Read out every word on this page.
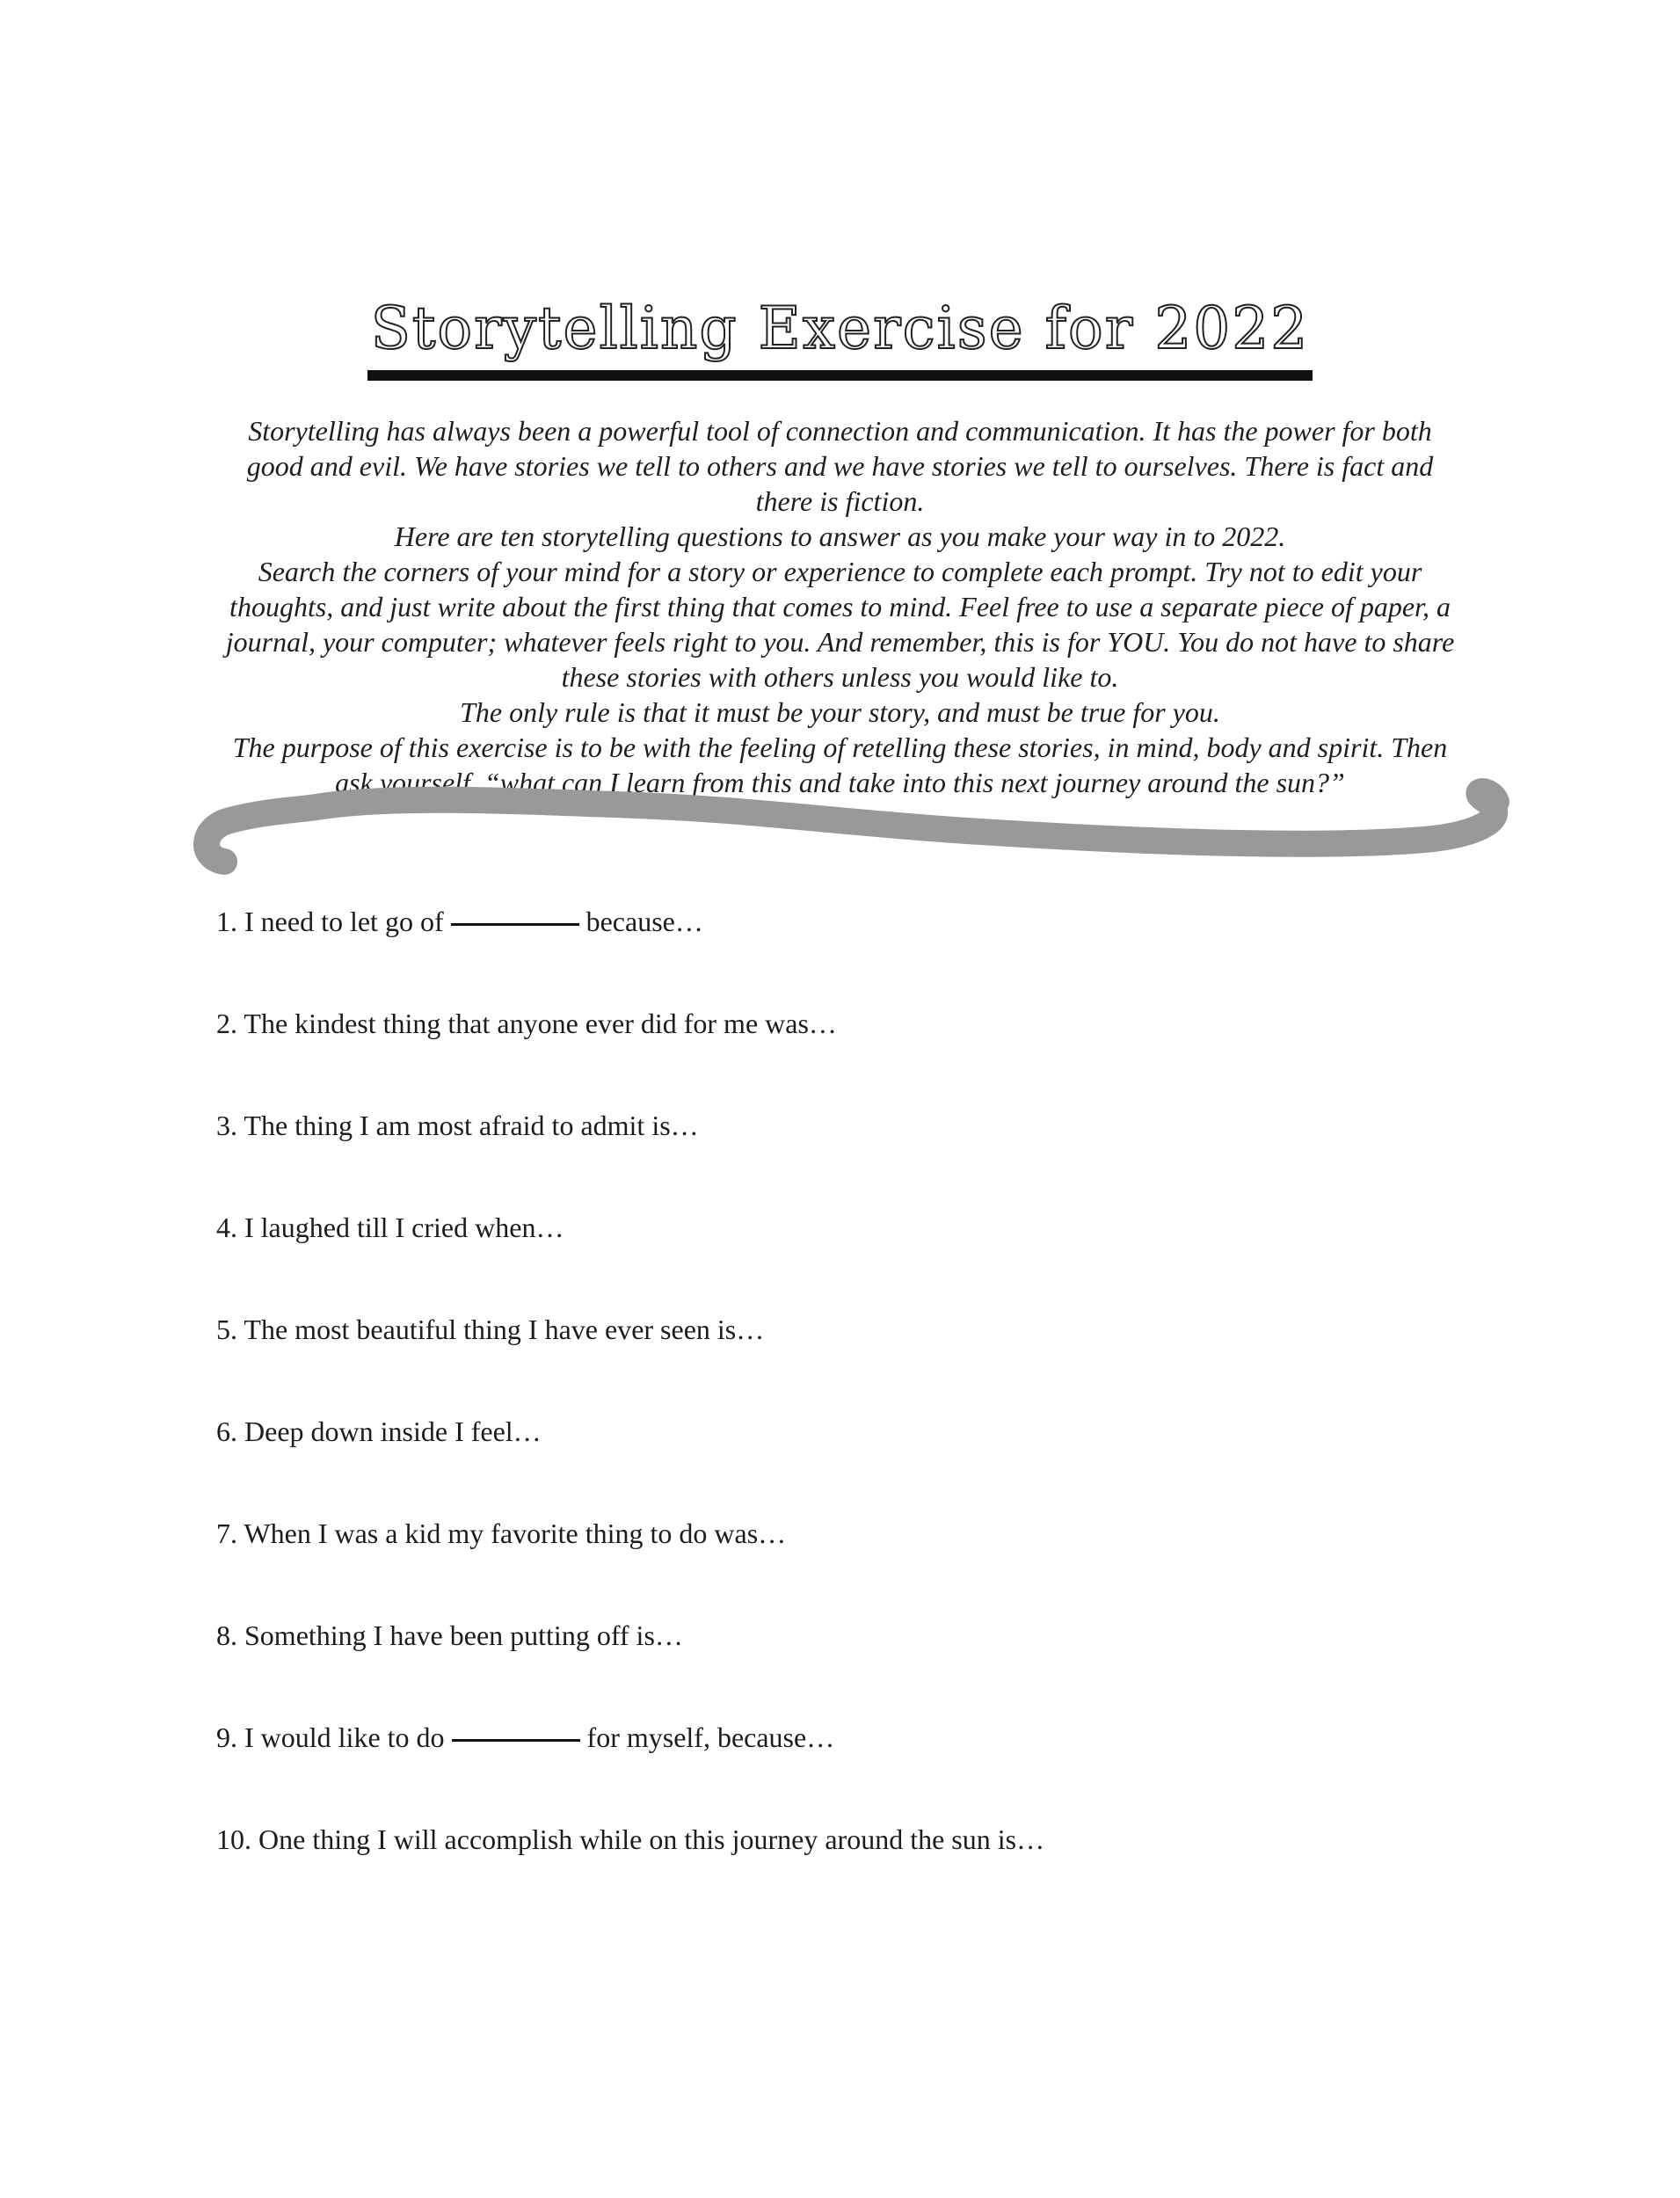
Storytelling Exercise for 2022

Storytelling has always been a powerful tool of connection and communication. It has the power for both good and evil. We have stories we tell to others and we have stories we tell to ourselves. There is fact and there is fiction.

Here are ten storytelling questions to answer as you make your way in to 2022.

Search the corners of your mind for a story or experience to complete each prompt. Try not to edit your thoughts, and just write about the first thing that comes to mind. Feel free to use a separate piece of paper, a journal, your computer; whatever feels right to you. And remember, this is for YOU. You do not have to share these stories with others unless you would like to.

The only rule is that it must be your story, and must be true for you.

The purpose of this exercise is to be with the feeling of retelling these stories, in mind, body and spirit. Then ask yourself, “what can I learn from this and take into this next journey around the sun?”

1. I need to let go of	because…
2. The kindest thing that anyone ever did for me was…
3. The thing I am most afraid to admit is…
4. I laughed till I cried when…
5. The most beautiful thing I have ever seen is…
6. Deep down inside I feel…
7. When I was a kid my favorite thing to do was…
8. Something I have been putting off is…
9. I would like to do	for myself, because…
10. One thing I will accomplish while on this journey around the sun is…
